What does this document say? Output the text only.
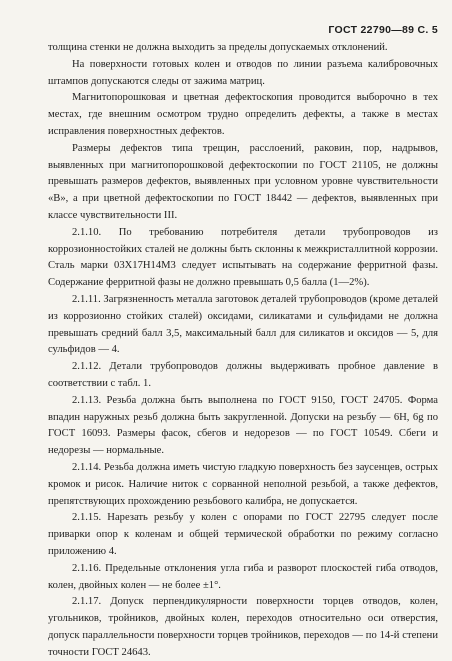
ГОСТ 22790—89 С. 5

толщина стенки не должна выходить за пределы допускаемых отклонений.

На поверхности готовых колен и отводов по линии разъема калибровочных штампов допускаются следы от зажима матриц.

Магнитопорошковая и цветная дефектоскопия проводится выборочно в тех местах, где внешним осмотром трудно определить дефекты, а также в местах исправления поверхностных дефектов.

Размеры дефектов типа трещин, расслоений, раковин, пор, надрывов, выявленных при магнитопорошковой дефектоскопии по ГОСТ 21105, не должны превышать размеров дефектов, выявленных при условном уровне чувствительности «В», а при цветной дефектоскопии по ГОСТ 18442 — дефектов, выявленных при классе чувствительности III.

2.1.10. По требованию потребителя детали трубопроводов из коррозионностойких сталей не должны быть склонны к межкристаллитной коррозии. Сталь марки 03Х17Н14М3 следует испытывать на содержание ферритной фазы. Содержание ферритной фазы не должно превышать 0,5 балла (1—2%).

2.1.11. Загрязненность металла заготовок деталей трубопроводов (кроме деталей из коррозионно стойких сталей) оксидами, силикатами и сульфидами не должна превышать средний балл 3,5, максимальный балл для силикатов и оксидов — 5, для сульфидов — 4.

2.1.12. Детали трубопроводов должны выдерживать пробное давление в соответствии с табл. 1.

2.1.13. Резьба должна быть выполнена по ГОСТ 9150, ГОСТ 24705. Форма впадин наружных резьб должна быть закругленной. Допуски на резьбу — 6Н, 6g по ГОСТ 16093. Размеры фасок, сбегов и недорезов — по ГОСТ 10549. Сбеги и недорезы — нормальные.

2.1.14. Резьба должна иметь чистую гладкую поверхность без заусенцев, острых кромок и рисок. Наличие ниток с сорванной неполной резьбой, а также дефектов, препятствующих прохождению резьбового калибра, не допускается.

2.1.15. Нарезать резьбу у колен с опорами по ГОСТ 22795 следует после приварки опор к коленам и общей термической обработки по режиму согласно приложению 4.

2.1.16. Предельные отклонения угла гиба и разворот плоскостей гиба отводов, колен, двойных колен — не более ±1°.

2.1.17. Допуск перпендикулярности поверхности торцев отводов, колен, угольников, тройников, двойных колен, переходов относительно оси отверстия, допуск параллельности поверхности торцев тройников, переходов — по 14-й степени точности ГОСТ 24643.
